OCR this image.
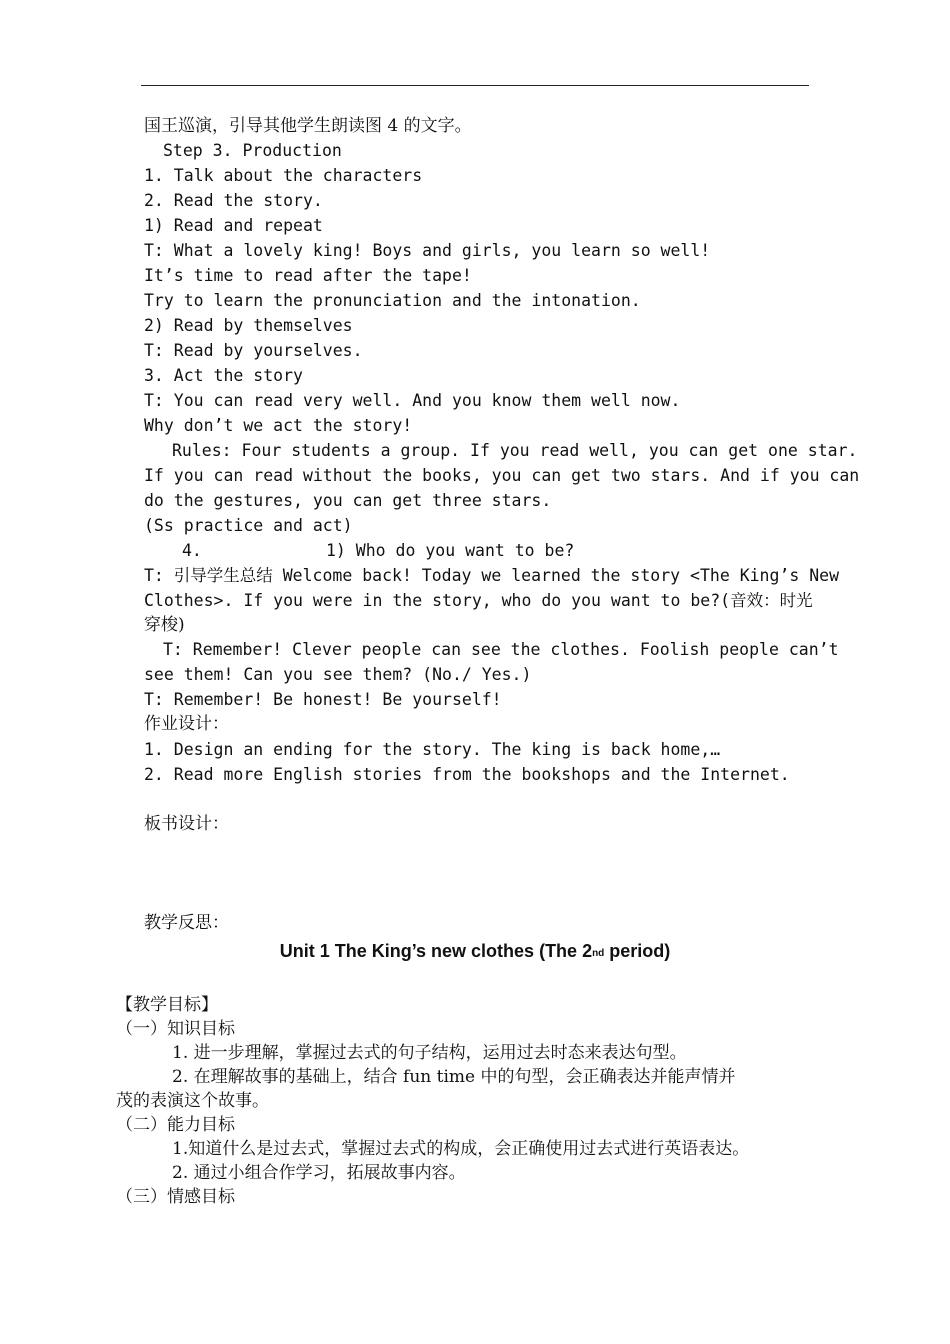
国王巡演，引导其他学生朗读图 4 的文字。
Step 3. Production
1. Talk about the characters
2. Read the story.
1) Read and repeat
T: What a lovely king! Boys and girls, you learn so well!
It’s time to read after the tape!
Try to learn the pronunciation and the intonation.
2) Read by themselves
T: Read by yourselves.
3. Act the story
T: You can read very well. And you know them well now.
Why don’t we act the story!
Rules: Four students a group. If you read well, you can get one star.
If you can read without the books, you can get two stars. And if you can
do the gestures, you can get three stars.
(Ss practice and act)
4.	1) Who do you want to be?
T: 引导学生总结 Welcome back! Today we learned the story <The King’s New
Clothes>. If you were in the story, who do you want to be?(音效：时光
穿梭)
T: Remember! Clever people can see the clothes. Foolish people can’t
see them! Can you see them? (No./ Yes.)
T: Remember! Be honest! Be yourself!
作业设计：
1. Design an ending for the story. The king is back home,…
2. Read more English stories from the bookshops and the Internet.
板书设计：
教学反思：
Unit 1 The King’s new clothes (The 2nd period)
【教学目标】
（一）知识目标
1. 进一步理解，掌握过去式的句子结构，运用过去时态来表达句型。
2. 在理解故事的基础上，结合 fun time 中的句型，会正确表达并能声情并
茂的表演这个故事。
（二）能力目标
1.知道什么是过去式，掌握过去式的构成，会正确使用过去式进行英语表达。
2. 通过小组合作学习，拓展故事内容。
（三）情感目标
